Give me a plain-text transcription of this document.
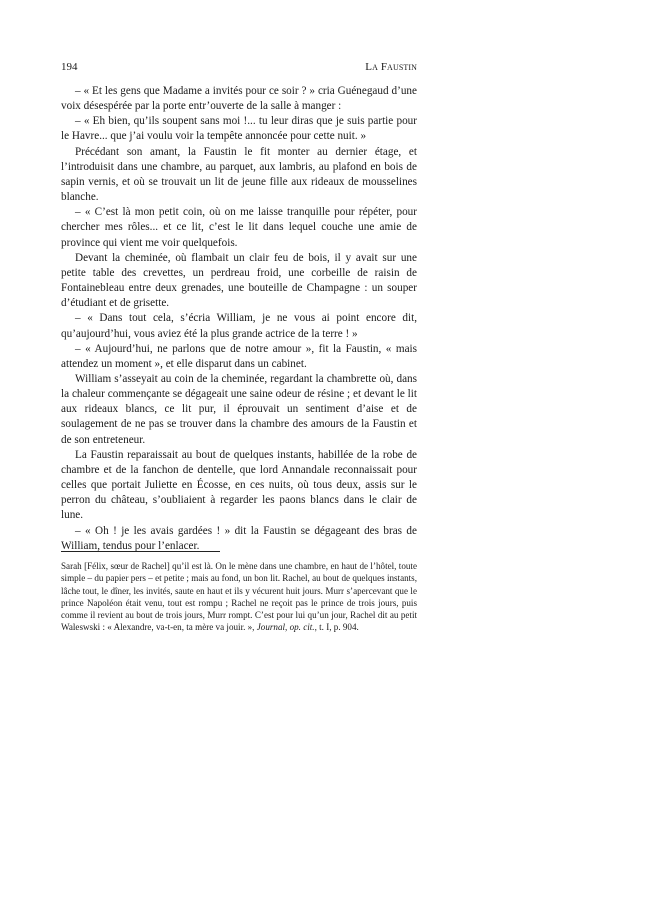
194	La Faustin

– « Et les gens que Madame a invités pour ce soir ? » cria Guénegaud d’une voix désespérée par la porte entr’ouverte de la salle à manger :

– « Eh bien, qu’ils soupent sans moi !... tu leur diras que je suis partie pour le Havre... que j’ai voulu voir la tempête annoncée pour cette nuit. »

Précédant son amant, la Faustin le fit monter au dernier étage, et l’introduisit dans une chambre, au parquet, aux lambris, au plafond en bois de sapin vernis, et où se trouvait un lit de jeune fille aux rideaux de mousselines blanche.

– « C’est là mon petit coin, où on me laisse tranquille pour répéter, pour chercher mes rôles... et ce lit, c’est le lit dans lequel couche une amie de province qui vient me voir quelquefois.

Devant la cheminée, où flambait un clair feu de bois, il y avait sur une petite table des crevettes, un perdreau froid, une corbeille de raisin de Fontainebleau entre deux grenades, une bouteille de Champagne : un souper d’étudiant et de grisette.

– « Dans tout cela, s’écria William, je ne vous ai point encore dit, qu’aujourd’hui, vous aviez été la plus grande actrice de la terre ! »

– « Aujourd’hui, ne parlons que de notre amour », fit la Faustin, « mais attendez un moment », et elle disparut dans un cabinet.

William s’asseyait au coin de la cheminée, regardant la chambrette où, dans la chaleur commençante se dégageait une saine odeur de résine ; et devant le lit aux rideaux blancs, ce lit pur, il éprouvait un sentiment d’aise et de soulagement de ne pas se trouver dans la chambre des amours de la Faustin et de son entreteneur.

La Faustin reparaissait au bout de quelques instants, habillée de la robe de chambre et de la fanchon de dentelle, que lord Annandale reconnaissait pour celles que portait Juliette en Écosse, en ces nuits, où tous deux, assis sur le perron du château, s’oubliaient à regarder les paons blancs dans le clair de lune.

– « Oh ! je les avais gardées ! » dit la Faustin se dégageant des bras de William, tendus pour l’enlacer.

Sarah [Félix, sœur de Rachel] qu’il est là. On le mène dans une chambre, en haut de l’hôtel, toute simple – du papier pers – et petite ; mais au fond, un bon lit. Rachel, au bout de quelques instants, lâche tout, le dîner, les invités, saute en haut et ils y vécurent huit jours. Murr s’apercevant que le prince Napoléon était venu, tout est rompu ; Rachel ne reçoit pas le prince de trois jours, puis comme il revient au bout de trois jours, Murr rompt. C’est pour lui qu’un jour, Rachel dit au petit Waleswski : « Alexandre, va-t-en, ta mère va jouir. », Journal, op. cit., t. I, p. 904.
